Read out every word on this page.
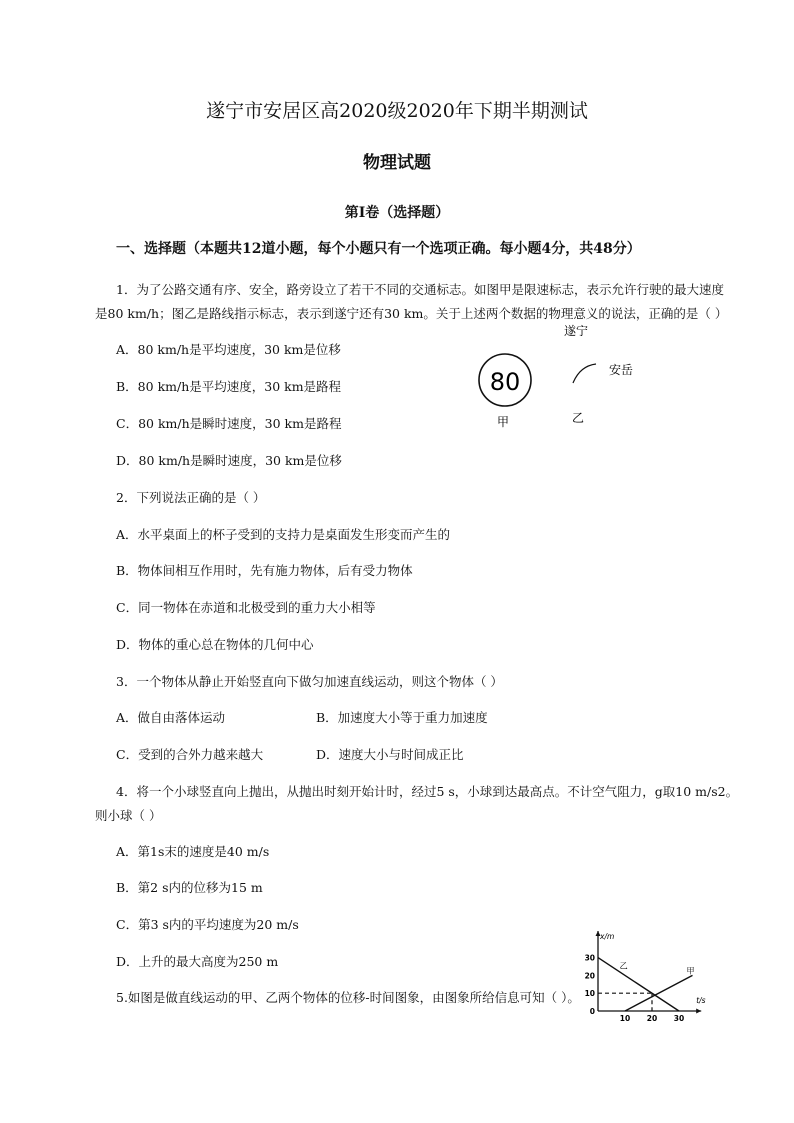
遂宁市安居区高2020级2020年下期半期测试
物理试题
第Ⅰ卷（选择题）
一、选择题（本题共12道小题，每个小题只有一个选项正确。每小题4分，共48分）
1．为了公路交通有序、安全，路旁设立了若干不同的交通标志。如图甲是限速标志，表示允许行驶的最大速度
是80 km/h；图乙是路线指示标志，表示到遂宁还有30 km。关于上述两个数据的物理意义的说法，正确的是（ ）
A．80 km/h是平均速度，30 km是位移
B．80 km/h是平均速度，30 km是路程
C．80 km/h是瞬时速度，30 km是路程
D．80 km/h是瞬时速度，30 km是位移
80
甲
遂宁
安岳
乙
2．下列说法正确的是（ ）
A．水平桌面上的杯子受到的支持力是桌面发生形变而产生的
B．物体间相互作用时，先有施力物体，后有受力物体
C．同一物体在赤道和北极受到的重力大小相等
D．物体的重心总在物体的几何中心
3．一个物体从静止开始竖直向下做匀加速直线运动，则这个物体（ ）
A．做自由落体运动	B．加速度大小等于重力加速度
C．受到的合外力越来越大	D．速度大小与时间成正比
4．将一个小球竖直向上抛出，从抛出时刻开始计时，经过5 s，小球到达最高点。不计空气阻力，g取10 m/s2。
则小球（ ）
A．第1s末的速度是40 m/s
B．第2 s内的位移为15 m
C．第3 s内的平均速度为20 m/s
D．上升的最大高度为250 m
5.如图是做直线运动的甲、乙两个物体的位移-时间图象，由图象所给信息可知（ ）。
x/m
t/s
0
10
20
30
10 20 30
甲
乙
